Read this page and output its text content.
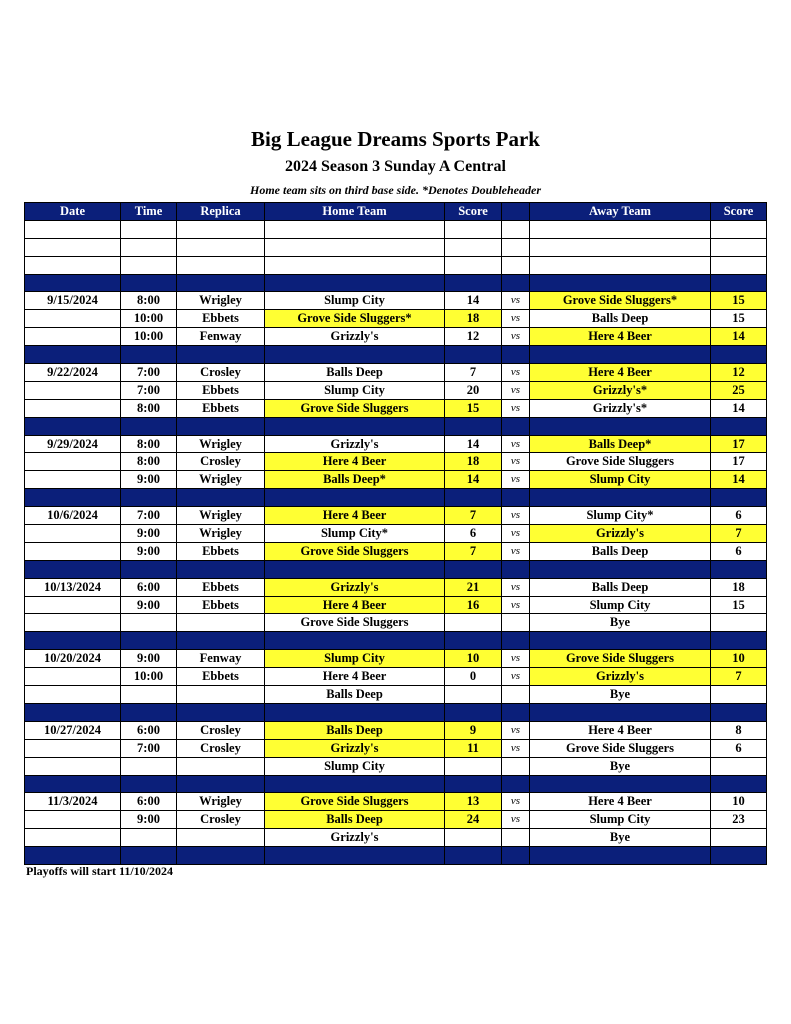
Big League Dreams Sports Park
2024 Season 3 Sunday A Central
Home team sits on third base side. *Denotes Doubleheader
Date	Time	Replica	Home Team	Score		Away Team	Score

9/15/2024	8:00	Wrigley	Slump City	14	vs	Grove Side Sluggers*	15
	10:00	Ebbets	Grove Side Sluggers*	18	vs	Balls Deep	15
	10:00	Fenway	Grizzly's	12	vs	Here 4 Beer	14

9/22/2024	7:00	Crosley	Balls Deep	7	vs	Here 4 Beer	12
	7:00	Ebbets	Slump City	20	vs	Grizzly's*	25
	8:00	Ebbets	Grove Side Sluggers	15	vs	Grizzly's*	14

9/29/2024	8:00	Wrigley	Grizzly's	14	vs	Balls Deep*	17
	8:00	Crosley	Here 4 Beer	18	vs	Grove Side Sluggers	17
	9:00	Wrigley	Balls Deep*	14	vs	Slump City	14

10/6/2024	7:00	Wrigley	Here 4 Beer	7	vs	Slump City*	6
	9:00	Wrigley	Slump City*	6	vs	Grizzly's	7
	9:00	Ebbets	Grove Side Sluggers	7	vs	Balls Deep	6

10/13/2024	6:00	Ebbets	Grizzly's	21	vs	Balls Deep	18
	9:00	Ebbets	Here 4 Beer	16	vs	Slump City	15
			Grove Side Sluggers			Bye	

10/20/2024	9:00	Fenway	Slump City	10	vs	Grove Side Sluggers	10
	10:00	Ebbets	Here 4 Beer	0	vs	Grizzly's	7
			Balls Deep			Bye	

10/27/2024	6:00	Crosley	Balls Deep	9	vs	Here 4 Beer	8
	7:00	Crosley	Grizzly's	11	vs	Grove Side Sluggers	6
			Slump City			Bye	

11/3/2024	6:00	Wrigley	Grove Side Sluggers	13	vs	Here 4 Beer	10
	9:00	Crosley	Balls Deep	24	vs	Slump City	23
			Grizzly's			Bye	

Playoffs will start 11/10/2024
